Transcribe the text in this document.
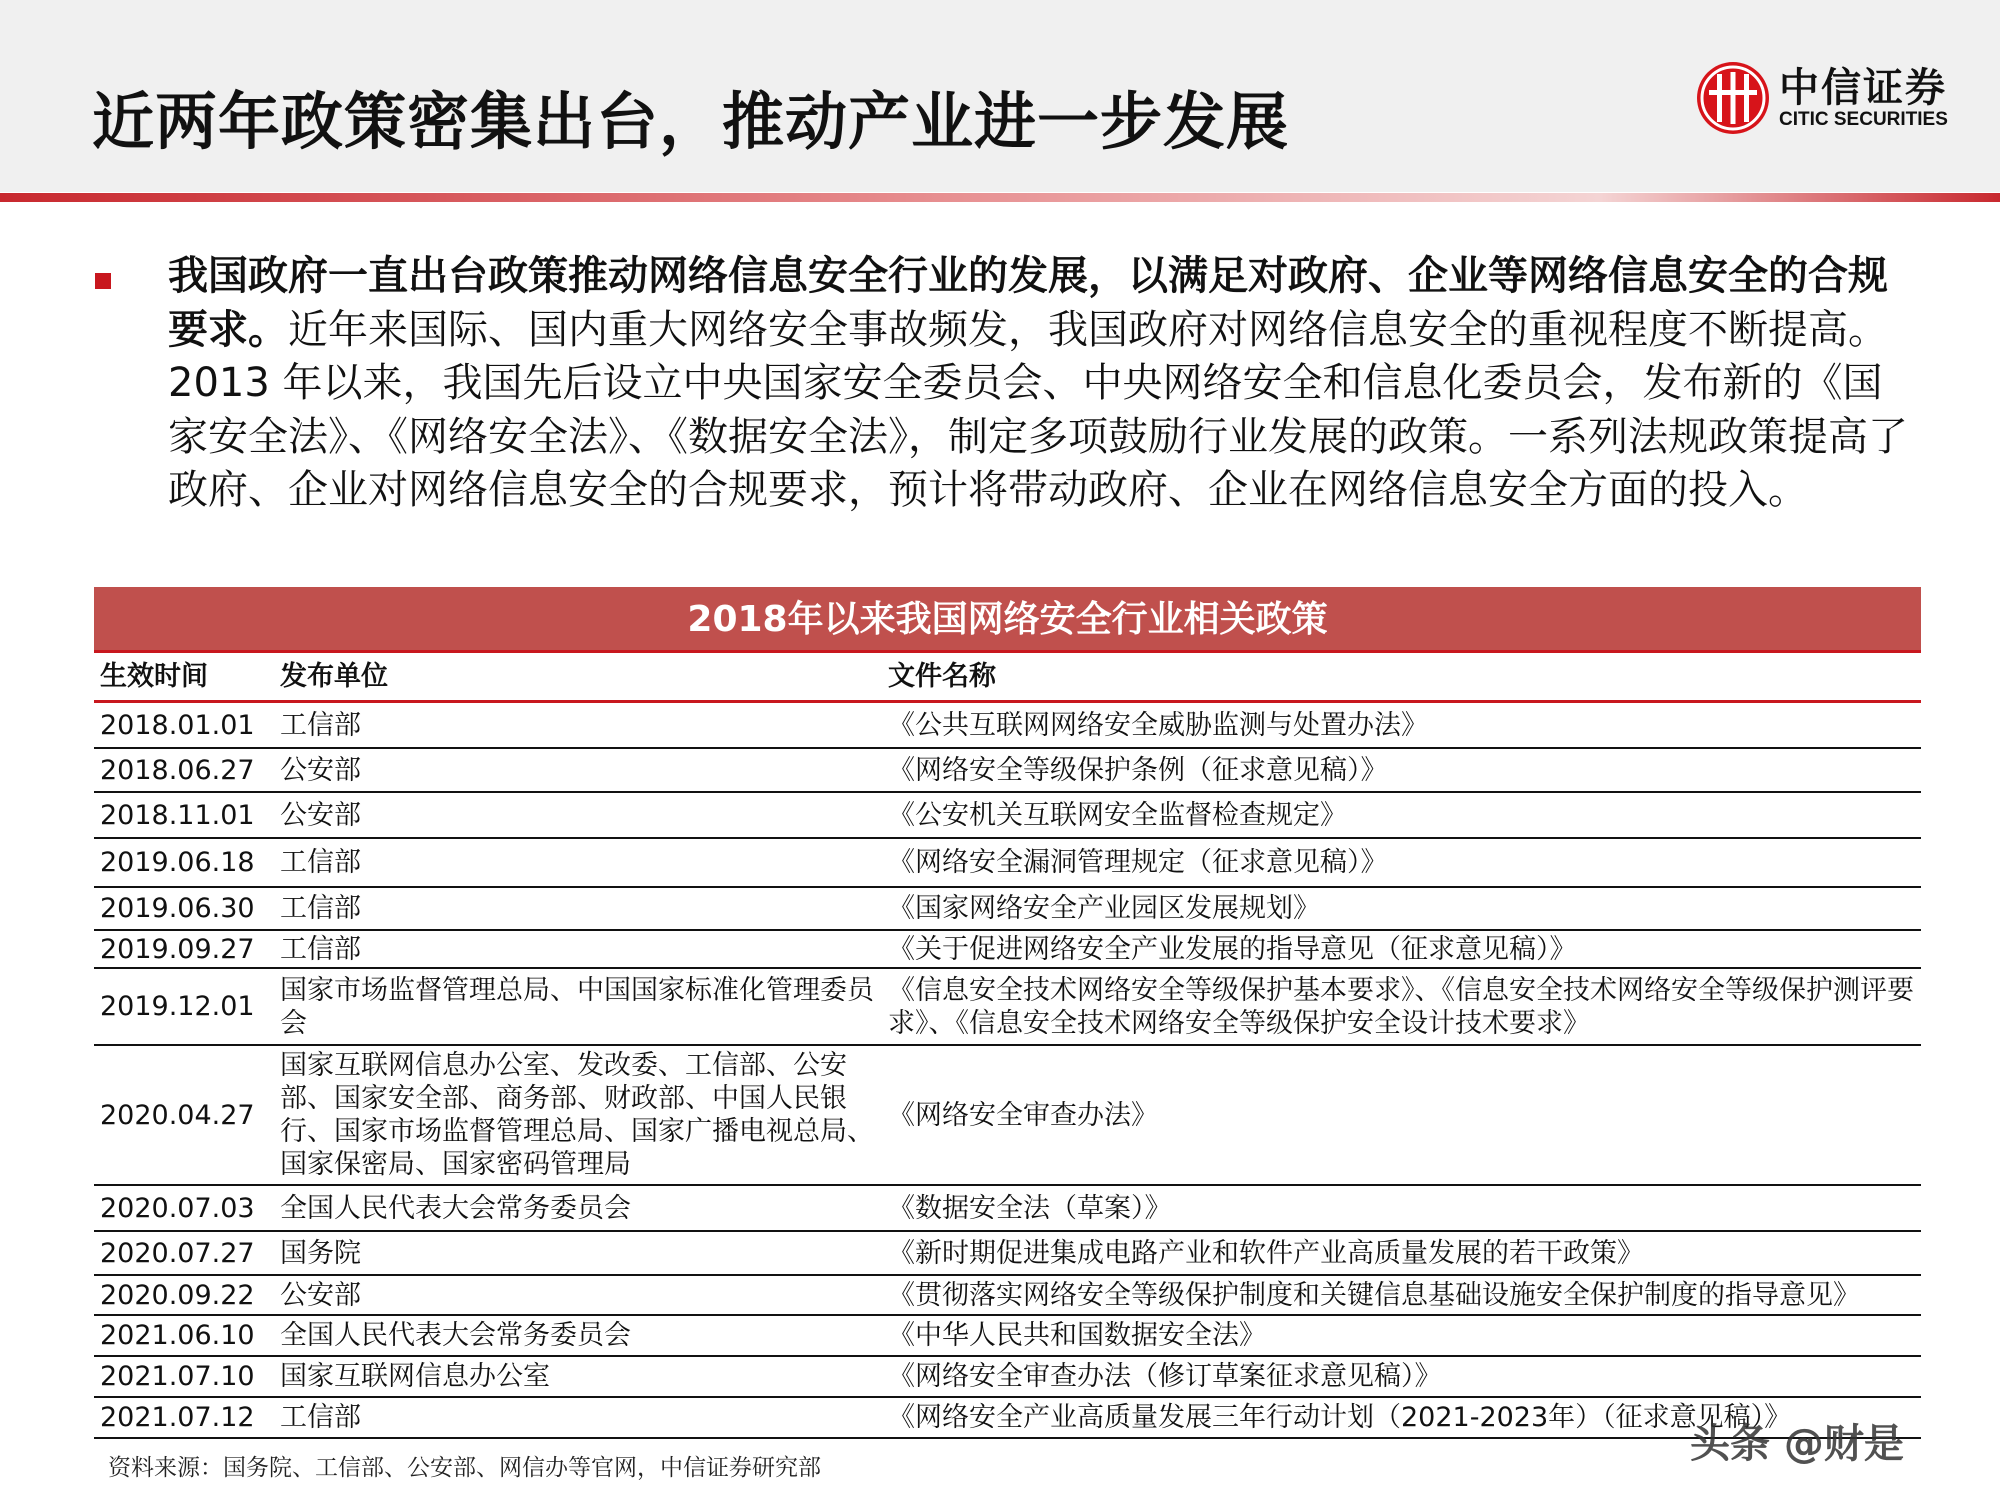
近两年政策密集出台，推动产业进一步发展	中信证券
CITIC SECURITIES
我国政府一直出台政策推动网络信息安全行业的发展，以满足对政府、企业等网络信息安全的合规要求。近年来国际、国内重大网络安全事故频发，我国政府对网络信息安全的重视程度不断提高。2013 年以来，我国先后设立中央国家安全委员会、中央网络安全和信息化委员会，发布新的《国家安全法》、《网络安全法》、《数据安全法》，制定多项鼓励行业发展的政策。一系列法规政策提高了政府、企业对网络信息安全的合规要求，预计将带动政府、企业在网络信息安全方面的投入。
2018年以来我国网络安全行业相关政策
生效时间	发布单位	文件名称
2018.01.01 工信部	《公共互联网网络安全威胁监测与处置办法》
2018.06.27 公安部	《网络安全等级保护条例（征求意见稿）》
2018.11.01 公安部	《公安机关互联网安全监督检查规定》
2019.06.18 工信部	《网络安全漏洞管理规定（征求意见稿）》
2019.06.30 工信部	《国家网络安全产业园区发展规划》
2019.09.27 工信部	《关于促进网络安全产业发展的指导意见（征求意见稿）》
2019.12.01
国家市场监督管理总局、中国国家标准化管理委员会
《信息安全技术网络安全等级保护基本要求》、《信息安全技术网络安全等级保护测评要求》、《信息安全技术网络安全等级保护安全设计技术要求》
2020.04.27
国家互联网信息办公室、发改委、工信部、公安部、国家安全部、商务部、财政部、中国人民银行、国家市场监督管理总局、国家广播电视总局、国家保密局、国家密码管理局
《网络安全审查办法》
2020.07.03 全国人民代表大会常务委员会	《数据安全法（草案）》
2020.07.27 国务院	《新时期促进集成电路产业和软件产业高质量发展的若干政策》
2020.09.22 公安部	《贯彻落实网络安全等级保护制度和关键信息基础设施安全保护制度的指导意见》
2021.06.10 全国人民代表大会常务委员会	《中华人民共和国数据安全法》
2021.07.10 国家互联网信息办公室	《网络安全审查办法（修订草案征求意见稿）》
2021.07.12 工信部	《网络安全产业高质量发展三年行动计划（2021-2023年）（征求意见稿）》
资料来源：国务院、工信部、公安部、网信办等官网，中信证券研究部
头条 @财是
